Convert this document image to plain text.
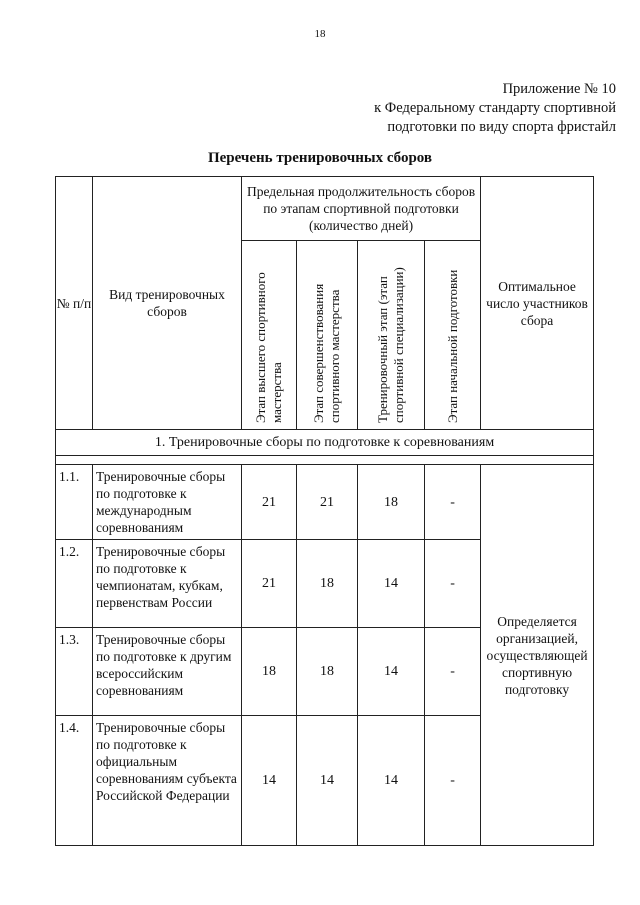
18
Приложение № 10
к Федеральному стандарту спортивной
подготовки по виду спорта фристайл
Перечень тренировочных сборов
№ п/п	Вид тренировочных сборов	Предельная продолжительность сборов по этапам спортивной подготовки (количество дней)				Оптимальное число участников сбора

		Этап высшего спортивного мастерства	Этап совершенствования спортивного мастерства	Тренировочный этап (этап спортивной специализации)	Этап начальной подготовки	

1. Тренировочные сборы по подготовке к соревнованиям						

1.1.	Тренировочные сборы по подготовке к международным соревнованиям	21	21	18	-	Определяется организацией, осуществляющей спортивную подготовку
1.2.	Тренировочные сборы по подготовке к чемпионатам, кубкам, первенствам России	21	18	14	-	
1.3.	Тренировочные сборы по подготовке к другим всероссийским соревнованиям	18	18	14	-	
1.4.	Тренировочные сборы по подготовке к официальным соревнованиям субъекта Российской Федерации	14	14	14	-	
